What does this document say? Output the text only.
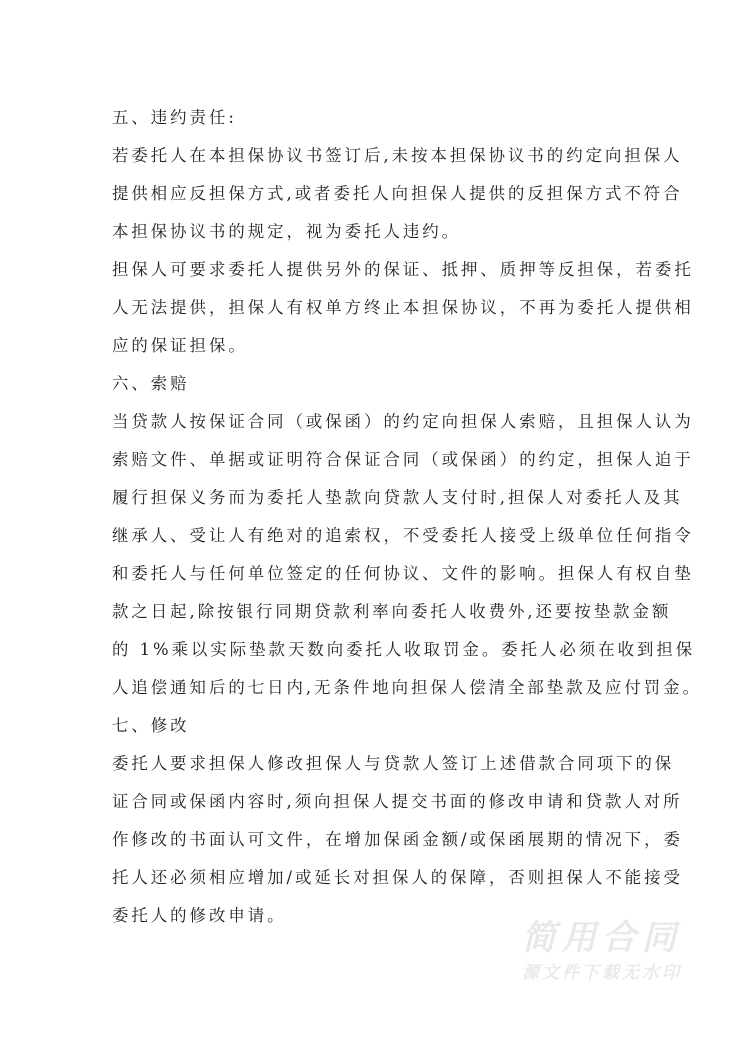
五、违约责任:
若委托人在本担保协议书签订后,未按本担保协议书的约定向担保人
提供相应反担保方式,或者委托人向担保人提供的反担保方式不符合
本担保协议书的规定，视为委托人违约。
担保人可要求委托人提供另外的保证、抵押、质押等反担保，若委托
人无法提供，担保人有权单方终止本担保协议，不再为委托人提供相
应的保证担保。
六、索赔
当贷款人按保证合同（或保函）的约定向担保人索赔，且担保人认为
索赔文件、单据或证明符合保证合同（或保函）的约定，担保人迫于
履行担保义务而为委托人垫款向贷款人支付时,担保人对委托人及其
继承人、受让人有绝对的追索权，不受委托人接受上级单位任何指令
和委托人与任何单位签定的任何协议、文件的影响。担保人有权自垫
款之日起,除按银行同期贷款利率向委托人收费外,还要按垫款金额
的 1%乘以实际垫款天数向委托人收取罚金。委托人必须在收到担保
人追偿通知后的七日内,无条件地向担保人偿清全部垫款及应付罚金。
七、修改
委托人要求担保人修改担保人与贷款人签订上述借款合同项下的保
证合同或保函内容时,须向担保人提交书面的修改申请和贷款人对所
作修改的书面认可文件，在增加保函金额/或保函展期的情况下，委
托人还必须相应增加/或延长对担保人的保障，否则担保人不能接受
委托人的修改申请。
简用合同
源文件下载无水印
